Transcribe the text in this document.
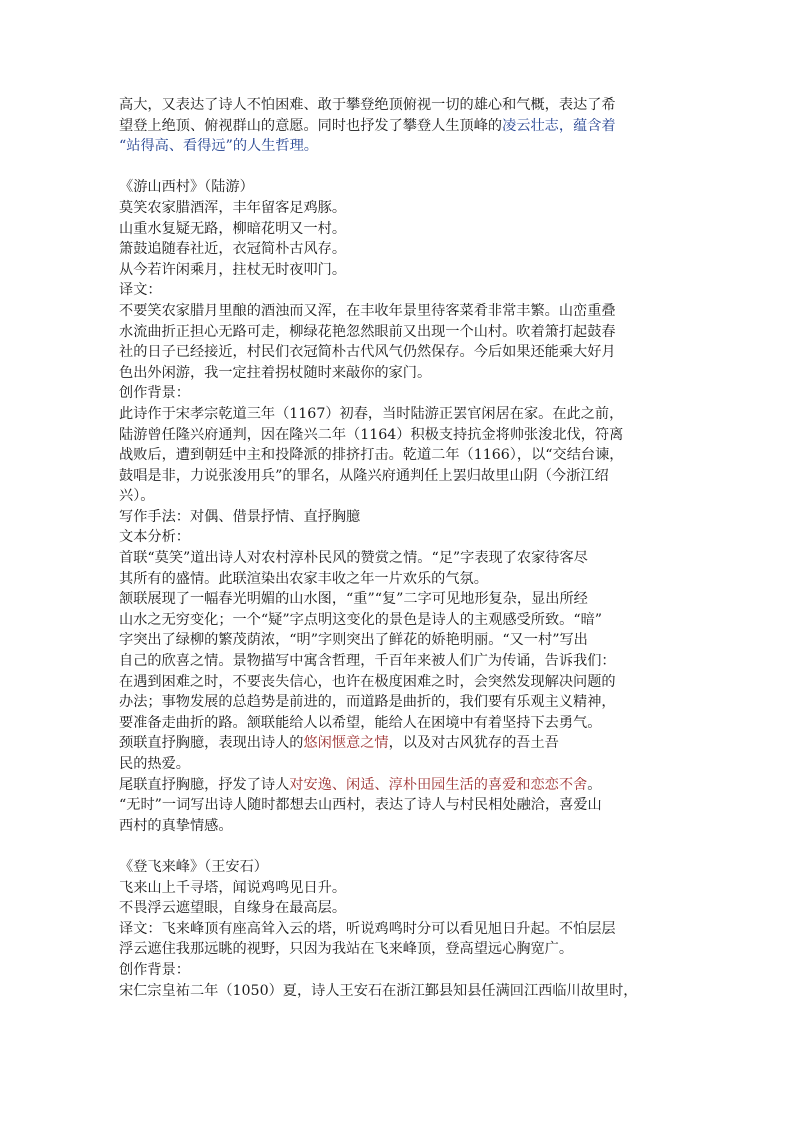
高大，又表达了诗人不怕困难、敢于攀登绝顶俯视一切的雄心和气概，表达了希
望登上绝顶、俯视群山的意愿。同时也抒发了攀登人生顶峰的凌云壮志，蕴含着
“站得高、看得远”的人生哲理。
《游山西村》（陆游）
莫笑农家腊酒浑，丰年留客足鸡豚。
山重水复疑无路，柳暗花明又一村。
箫鼓追随春社近，衣冠简朴古风存。
从今若许闲乘月，拄杖无时夜叩门。
译文：
不要笑农家腊月里酿的酒浊而又浑，在丰收年景里待客菜肴非常丰繁。山峦重叠
水流曲折正担心无路可走，柳绿花艳忽然眼前又出现一个山村。吹着箫打起鼓春
社的日子已经接近，村民们衣冠简朴古代风气仍然保存。今后如果还能乘大好月
色出外闲游，我一定拄着拐杖随时来敲你的家门。
创作背景：
此诗作于宋孝宗乾道三年（1167）初春，当时陆游正罢官闲居在家。在此之前，
陆游曾任隆兴府通判，因在隆兴二年（1164）积极支持抗金将帅张浚北伐，符离
战败后，遭到朝廷中主和投降派的排挤打击。乾道二年（1166），以“交结台谏，
鼓唱是非，力说张浚用兵”的罪名，从隆兴府通判任上罢归故里山阴（今浙江绍
兴）。
写作手法：对偶、借景抒情、直抒胸臆
文本分析：
首联“莫笑”道出诗人对农村淳朴民风的赞赏之情。“足”字表现了农家待客尽
其所有的盛情。此联渲染出农家丰收之年一片欢乐的气氛。
颔联展现了一幅春光明媚的山水图，“重”“复”二字可见地形复杂，显出所经
山水之无穷变化；一个“疑”字点明这变化的景色是诗人的主观感受所致。“暗”
字突出了绿柳的繁茂荫浓，“明”字则突出了鲜花的娇艳明丽。“又一村”写出
自己的欣喜之情。景物描写中寓含哲理，千百年来被人们广为传诵，告诉我们：
在遇到困难之时，不要丧失信心，也许在极度困难之时，会突然发现解决问题的
办法；事物发展的总趋势是前进的，而道路是曲折的，我们要有乐观主义精神，
要准备走曲折的路。颔联能给人以希望，能给人在困境中有着坚持下去勇气。
颈联直抒胸臆，表现出诗人的悠闲惬意之情，以及对古风犹存的吾土吾
民的热爱。
尾联直抒胸臆，抒发了诗人对安逸、闲适、淳朴田园生活的喜爱和恋恋不舍。
“无时”一词写出诗人随时都想去山西村，表达了诗人与村民相处融洽，喜爱山
西村的真挚情感。
《登飞来峰》（王安石）
飞来山上千寻塔，闻说鸡鸣见日升。
不畏浮云遮望眼，自缘身在最高层。
译文：飞来峰顶有座高耸入云的塔，听说鸡鸣时分可以看见旭日升起。不怕层层
浮云遮住我那远眺的视野，只因为我站在飞来峰顶，登高望远心胸宽广。
创作背景：
宋仁宗皇祐二年（1050）夏，诗人王安石在浙江鄞县知县任满回江西临川故里时，
